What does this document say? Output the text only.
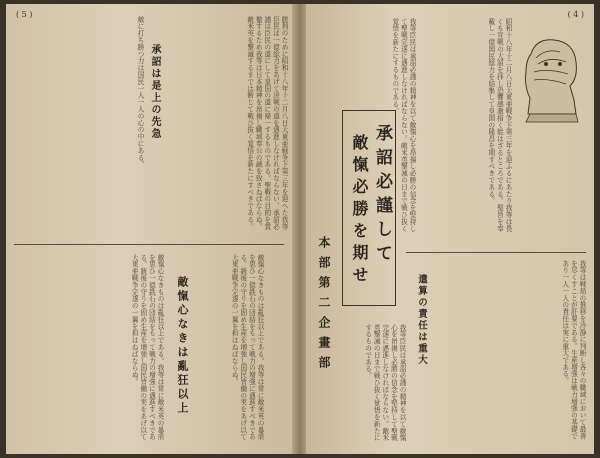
( 5 )
勝利のために昭和十八年十二月八日大東亜戦争下第三年を迎へた我等臣民は一億総力をあげて決戦の道を邁進しなければならない。承詔必謹は臣民の道にして皇国の道に帰一するものである。聖戦の目的を貫徹するため我等は日本精神を昂揚し職域奉公の誠を致さねばならぬ。敵米英を撃滅するまでは断じて戦ひ抜く覚悟を新たにすべきである。
承詔は是上の先急
敵に打ち勝つ力は国民一人一人の心の中にある。
敵愾心なきものは亂狂以上である。我等は常に敵米英の暴虐を思ひ一億鉄石の団結をもって戦力の増強に邁進すべきである。銃後の守りを固め生産を増強し国民皆働の実をあげ以て大東亜戦争完遂の一翼を担はねばならぬ。
敵愾心なきは亂狂以上
敵愾心なきものは亂狂以上である。我等は常に敵米英の暴虐を思ひ一億鉄石の団結をもって戦力の増強に邁進すべきである。銃後の守りを固め生産を増強し国民皆働の実をあげ以て大東亜戦争完遂の一翼を担はねばならぬ。
( 4 )
昭和十八年十二月八日大東亜戦争下第三年を迎ふるにあたり我等は畏くも宣戦の大詔を拝し恐懼感激措く能はざるところである。聖旨を奉戴し一億国民総力を結集して皇国の隆昌を期すべきである。
我等臣民は承詔必謹の精神を以て敵愾心を昂揚し必勝の信念を堅持して聖戦完遂に邁進しなければならない。敵米英撃滅の日まで戦ひ抜く覚悟を新たにするものである。
承詔必謹して
敵愾必勝を期せ
本部第二企畫部	我等は戦局の推移を冷静に判断し各々の職域において最善を尽くすことが肝要である。生産増強は戦力増強の基礎であり一人一人の責任は実に重大である。
遣算の責任は重大
我等臣民は承詔必謹の精神を以て敵愾心を昂揚し必勝の信念を堅持して聖戦完遂に邁進しなければならない。敵米英撃滅の日まで戦ひ抜く覚悟を新たにするものである。
